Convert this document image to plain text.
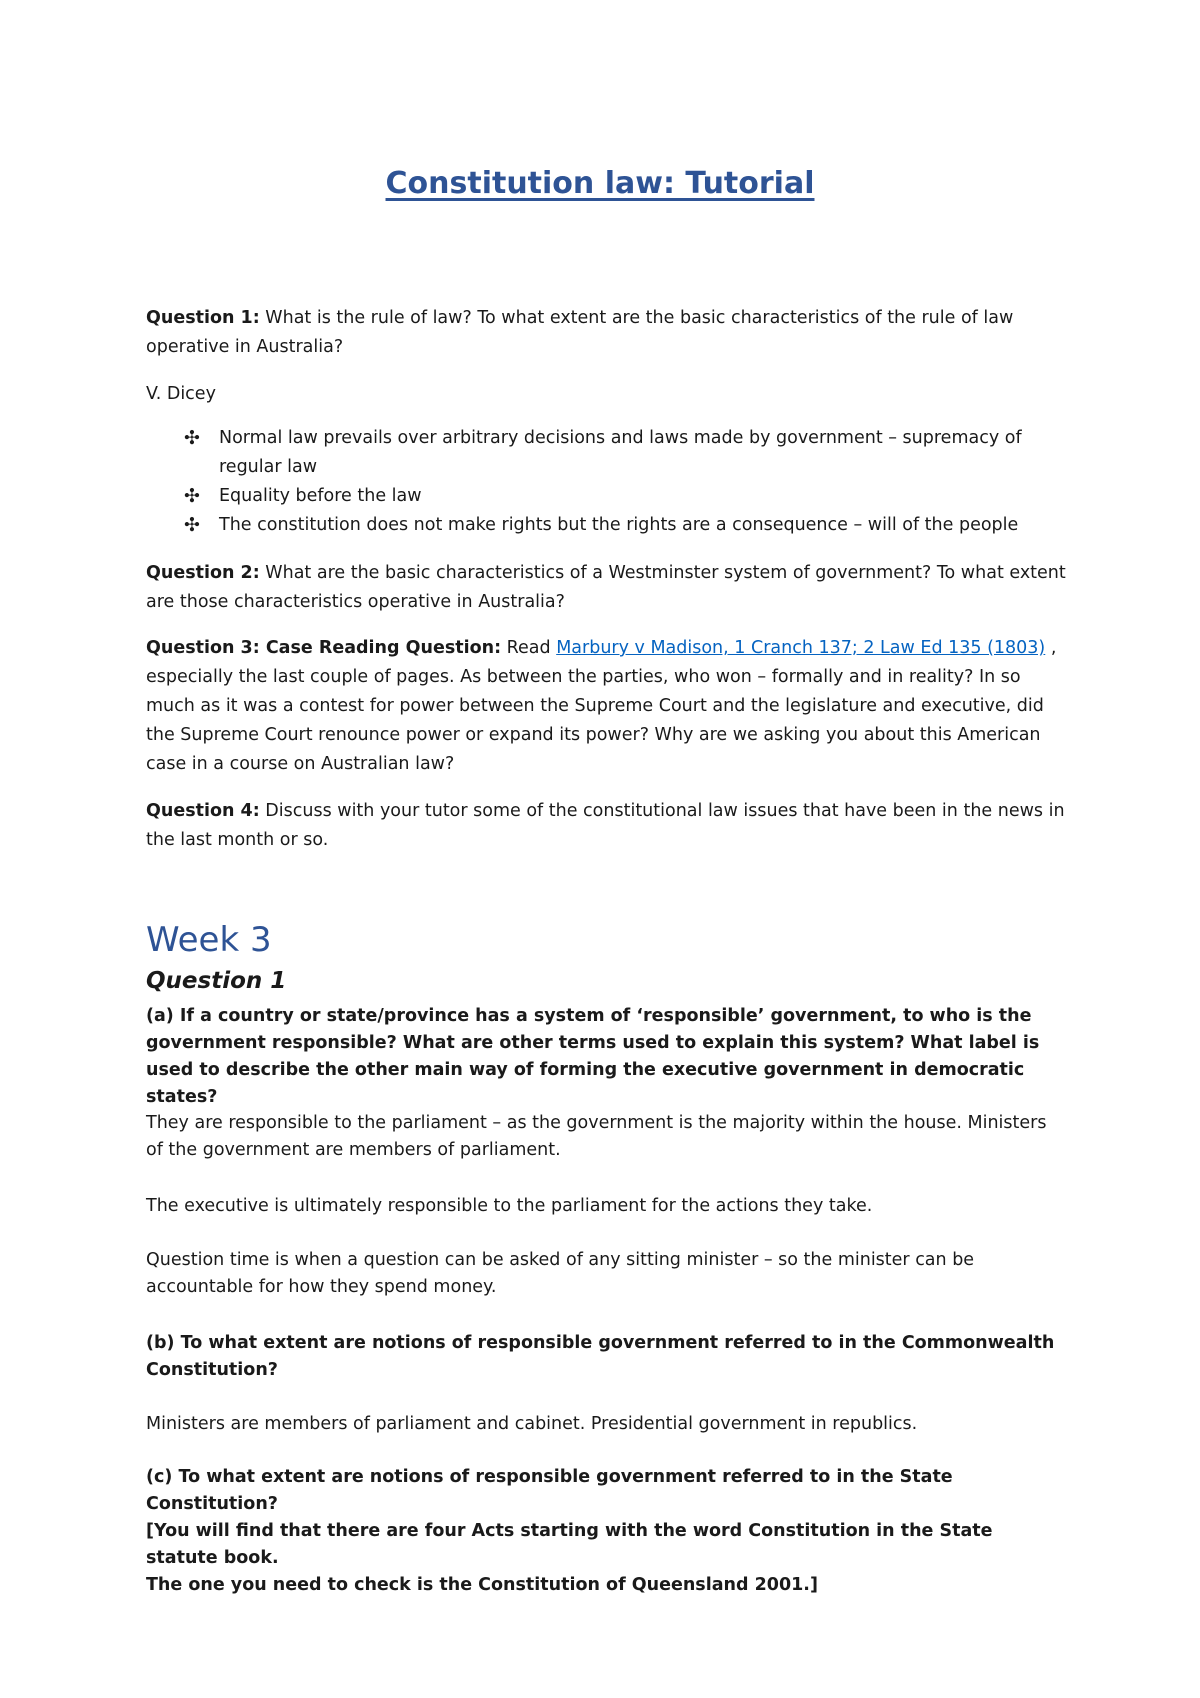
Constitution law: Tutorial

Question 1: What is the rule of law? To what extent are the basic characteristics of the rule of law operative in Australia?

V. Dicey

✣ Normal law prevails over arbitrary decisions and laws made by government – supremacy of regular law
✣ Equality before the law
✣ The constitution does not make rights but the rights are a consequence – will of the people

Question 2: What are the basic characteristics of a Westminster system of government? To what extent are those characteristics operative in Australia?

Question 3: Case Reading Question: Read Marbury v Madison, 1 Cranch 137; 2 Law Ed 135 (1803) , especially the last couple of pages. As between the parties, who won – formally and in reality? In so much as it was a contest for power between the Supreme Court and the legislature and executive, did the Supreme Court renounce power or expand its power? Why are we asking you about this American case in a course on Australian law?

Question 4: Discuss with your tutor some of the constitutional law issues that have been in the news in the last month or so.

Week 3
Question 1

(a) If a country or state/province has a system of ‘responsible’ government, to who is the government responsible? What are other terms used to explain this system? What label is used to describe the other main way of forming the executive government in democratic states?

They are responsible to the parliament – as the government is the majority within the house. Ministers of the government are members of parliament.

The executive is ultimately responsible to the parliament for the actions they take.

Question time is when a question can be asked of any sitting minister – so the minister can be accountable for how they spend money.

(b) To what extent are notions of responsible government referred to in the Commonwealth Constitution?

Ministers are members of parliament and cabinet. Presidential government in republics.

(c) To what extent are notions of responsible government referred to in the State Constitution?

[You will find that there are four Acts starting with the word Constitution in the State statute book.

The one you need to check is the Constitution of Queensland 2001.]
